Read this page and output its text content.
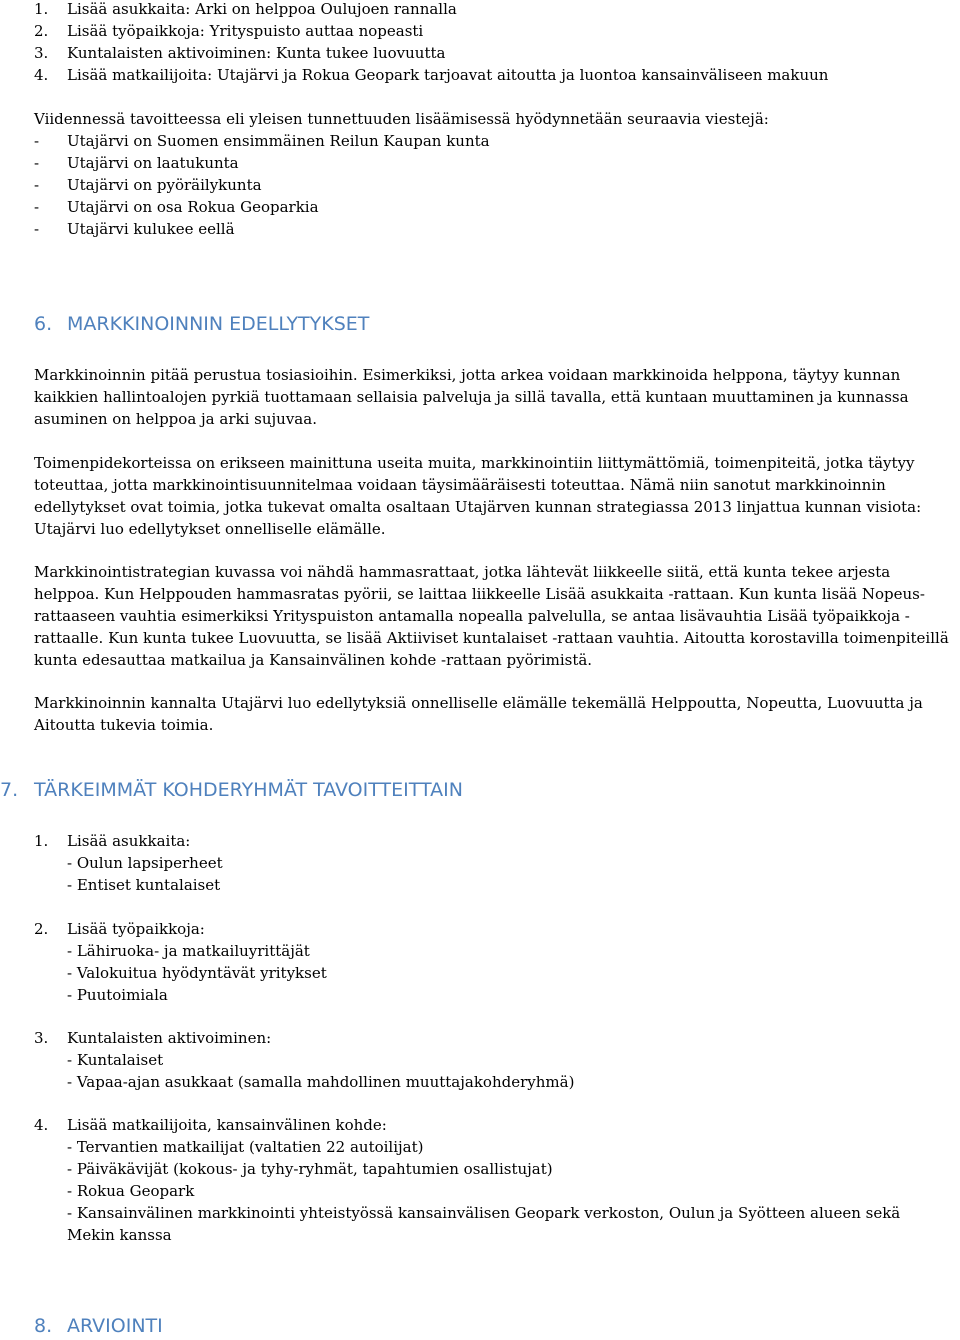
1.	Lisää asukkaita: Arki on helppoa Oulujoen rannalla
2.	Lisää työpaikkoja: Yrityspuisto auttaa nopeasti
3.	Kuntalaisten aktivoiminen: Kunta tukee luovuutta
4.	Lisää matkailijoita: Utajärvi ja Rokua Geopark tarjoavat aitoutta ja luontoa kansainväliseen makuun
Viidennessä tavoitteessa eli yleisen tunnettuuden lisäämisessä hyödynnetään seuraavia viestejä:
-	Utajärvi on Suomen ensimmäinen Reilun Kaupan kunta
-	Utajärvi on laatukunta
-	Utajärvi on pyöräilykunta
-	Utajärvi on osa Rokua Geoparkia
-	Utajärvi kulukee eellä
6. MARKKINOINNIN EDELLYTYKSET
Markkinoinnin pitää perustua tosiasioihin. Esimerkiksi, jotta arkea voidaan markkinoida helppona, täytyy kunnan kaikkien hallintoalojen pyrkiä tuottamaan sellaisia palveluja ja sillä tavalla, että kuntaan muuttaminen ja kunnassa asuminen on helppoa ja arki sujuvaa.
Toimenpidekorteissa on erikseen mainittuna useita muita, markkinointiin liittymättömiä, toimenpiteitä, jotka täytyy toteuttaa, jotta markkinointisuunnitelmaa voidaan täysimääräisesti toteuttaa. Nämä niin sanotut markkinoinnin edellytykset ovat toimia, jotka tukevat omalta osaltaan Utajärven kunnan strategiassa 2013 linjattua kunnan visiota: Utajärvi luo edellytykset onnelliselle elämälle.
Markkinointistrategian kuvassa voi nähdä hammasrattaat, jotka lähtevät liikkeelle siitä, että kunta tekee arjesta helppoa. Kun Helppouden hammasratas pyörii, se laittaa liikkeelle Lisää asukkaita -rattaan. Kun kunta lisää Nopeus-rattaaseen vauhtia esimerkiksi Yrityspuiston antamalla nopealla palvelulla, se antaa lisävauhtia Lisää työpaikkoja -rattaalle. Kun kunta tukee Luovuutta, se lisää Aktiiviset kuntalaiset -rattaan vauhtia. Aitoutta korostavilla toimenpiteillä kunta edesauttaa matkailua ja Kansainvälinen kohde -rattaan pyörimistä.
Markkinoinnin kannalta Utajärvi luo edellytyksiä onnelliselle elämälle tekemällä Helppoutta, Nopeutta, Luovuutta ja Aitoutta tukevia toimia.
7. TÄRKEIMMÄT KOHDERYHMÄT TAVOITTEITTAIN
1.	Lisää asukkaita:
- Oulun lapsiperheet
- Entiset kuntalaiset
2.	Lisää työpaikkoja:
- Lähiruoka- ja matkailuyrittäjät
- Valokuitua hyödyntävät yritykset
- Puutoimiala
3.	Kuntalaisten aktivoiminen:
- Kuntalaiset
- Vapaa-ajan asukkaat (samalla mahdollinen muuttajakohderyhmä)
4.	Lisää matkailijoita, kansainvälinen kohde:
- Tervantien matkailijat (valtatien 22 autoilijat)
- Päiväkävijät (kokous- ja tyhy-ryhmät, tapahtumien osallistujat)
- Rokua Geopark
- Kansainvälinen markkinointi yhteistyössä kansainvälisen Geopark verkoston, Oulun ja Syötteen alueen sekä Mekin kanssa
8. ARVIOINTI
